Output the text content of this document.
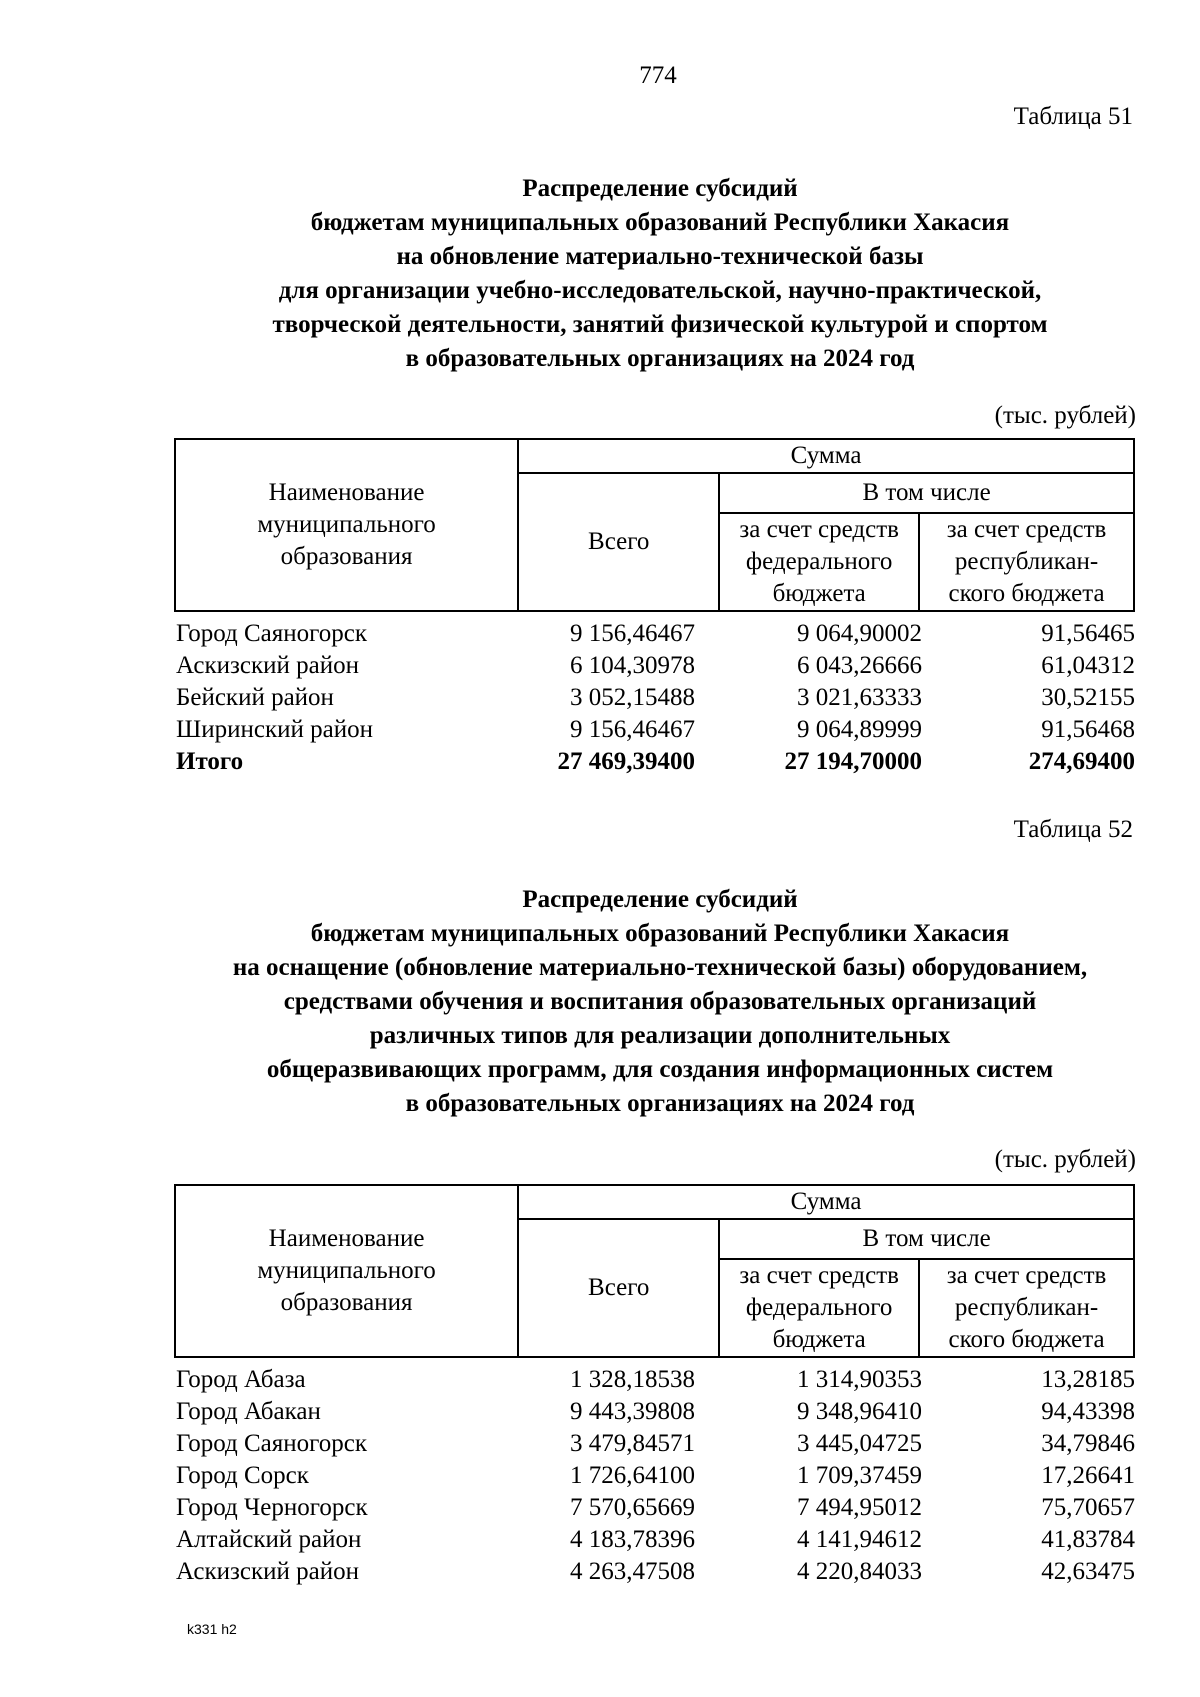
774
Таблица 51
Распределение субсидий
бюджетам муниципальных образований Республики Хакасия
на обновление материально-технической базы
для организации учебно-исследовательской, научно-практической,
творческой деятельности, занятий физической культурой и спортом
в образовательных организациях на 2024 год
(тыс. рублей)
Наименование муниципального образования	Сумма		
	Всего	В том числе	

		за счет средств федерального бюджета	за счет средств республикан-ского бюджета
Город Саяногорск	9 156,46467	9 064,90002	91,56465
Аскизский район	6 104,30978	6 043,26666	61,04312
Бейский район	3 052,15488	3 021,63333	30,52155
Ширинский район	9 156,46467	9 064,89999	91,56468
Итого	27 469,39400	27 194,70000	274,69400
Таблица 52
Распределение субсидий
бюджетам муниципальных образований Республики Хакасия
на оснащение (обновление материально-технической базы) оборудованием,
средствами обучения и воспитания образовательных организаций
различных типов для реализации дополнительных
общеразвивающих программ, для создания информационных систем
в образовательных организациях на 2024 год
(тыс. рублей)
Наименование муниципального образования	Сумма		
	Всего	В том числе	

		за счет средств федерального бюджета	за счет средств республикан-ского бюджета
Город Абаза	1 328,18538	1 314,90353	13,28185
Город Абакан	9 443,39808	9 348,96410	94,43398
Город Саяногорск	3 479,84571	3 445,04725	34,79846
Город Сорск	1 726,64100	1 709,37459	17,26641
Город Черногорск	7 570,65669	7 494,95012	75,70657
Алтайский район	4 183,78396	4 141,94612	41,83784
Аскизский район	4 263,47508	4 220,84033	42,63475
k331 h2
